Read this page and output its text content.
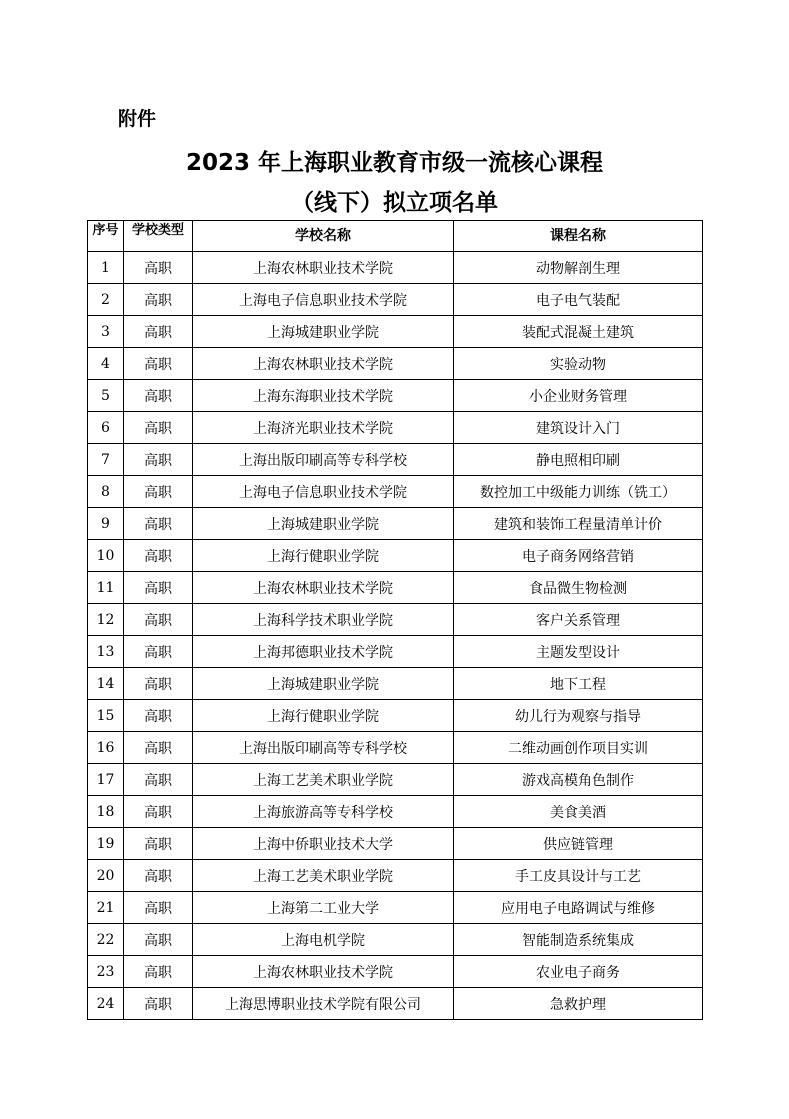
附件
2023 年上海职业教育市级一流核心课程
（线下）拟立项名单
序号	学校类型	学校名称	课程名称
1	高职	上海农林职业技术学院	动物解剖生理
2	高职	上海电子信息职业技术学院	电子电气装配
3	高职	上海城建职业学院	装配式混凝土建筑
4	高职	上海农林职业技术学院	实验动物
5	高职	上海东海职业技术学院	小企业财务管理
6	高职	上海济光职业技术学院	建筑设计入门
7	高职	上海出版印刷高等专科学校	静电照相印刷
8	高职	上海电子信息职业技术学院	数控加工中级能力训练（铣工）
9	高职	上海城建职业学院	建筑和装饰工程量清单计价
10	高职	上海行健职业学院	电子商务网络营销
11	高职	上海农林职业技术学院	食品微生物检测
12	高职	上海科学技术职业学院	客户关系管理
13	高职	上海邦德职业技术学院	主题发型设计
14	高职	上海城建职业学院	地下工程
15	高职	上海行健职业学院	幼儿行为观察与指导
16	高职	上海出版印刷高等专科学校	二维动画创作项目实训
17	高职	上海工艺美术职业学院	游戏高模角色制作
18	高职	上海旅游高等专科学校	美食美酒
19	高职	上海中侨职业技术大学	供应链管理
20	高职	上海工艺美术职业学院	手工皮具设计与工艺
21	高职	上海第二工业大学	应用电子电路调试与维修
22	高职	上海电机学院	智能制造系统集成
23	高职	上海农林职业技术学院	农业电子商务
24	高职	上海思博职业技术学院有限公司	急救护理
